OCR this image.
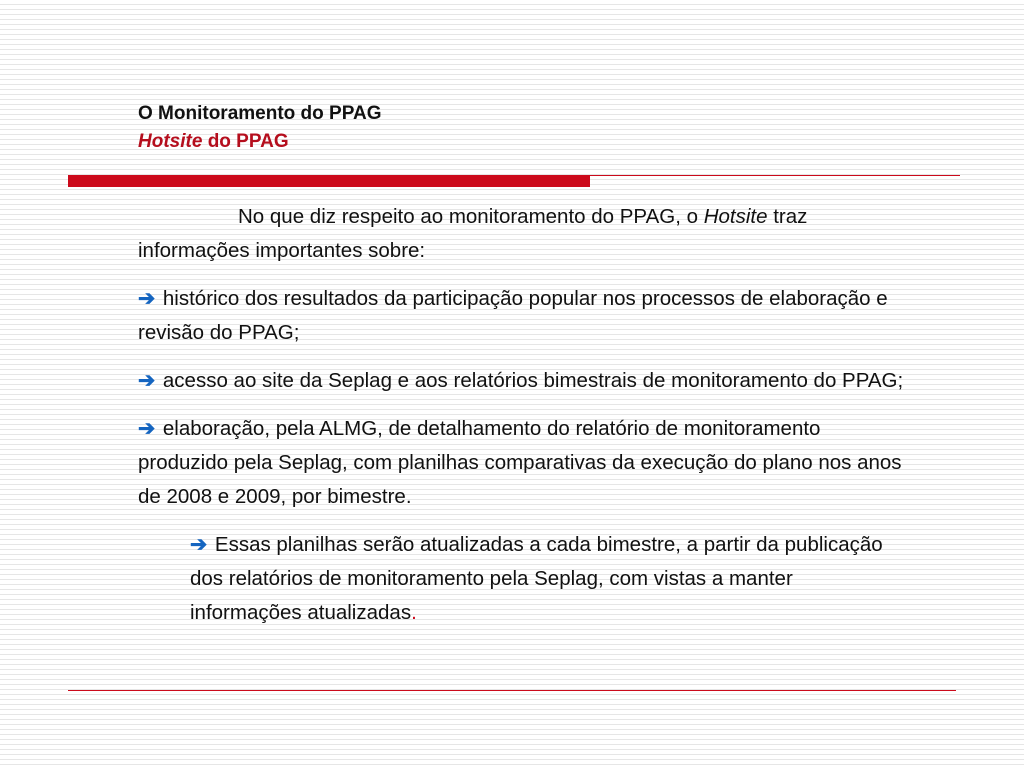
O Monitoramento do PPAG
Hotsite do PPAG

No que diz respeito ao monitoramento do PPAG, o Hotsite traz informações importantes sobre:

➔ histórico dos resultados da participação popular nos processos de elaboração e revisão do PPAG;

➔ acesso ao site da Seplag e aos relatórios bimestrais de monitoramento do PPAG;

➔ elaboração, pela ALMG, de detalhamento do relatório de monitoramento produzido pela Seplag, com planilhas comparativas da execução do plano nos anos de 2008 e 2009, por bimestre.

➔ Essas planilhas serão atualizadas a cada bimestre, a partir da publicação dos relatórios de monitoramento pela Seplag, com vistas a manter informações atualizadas.
